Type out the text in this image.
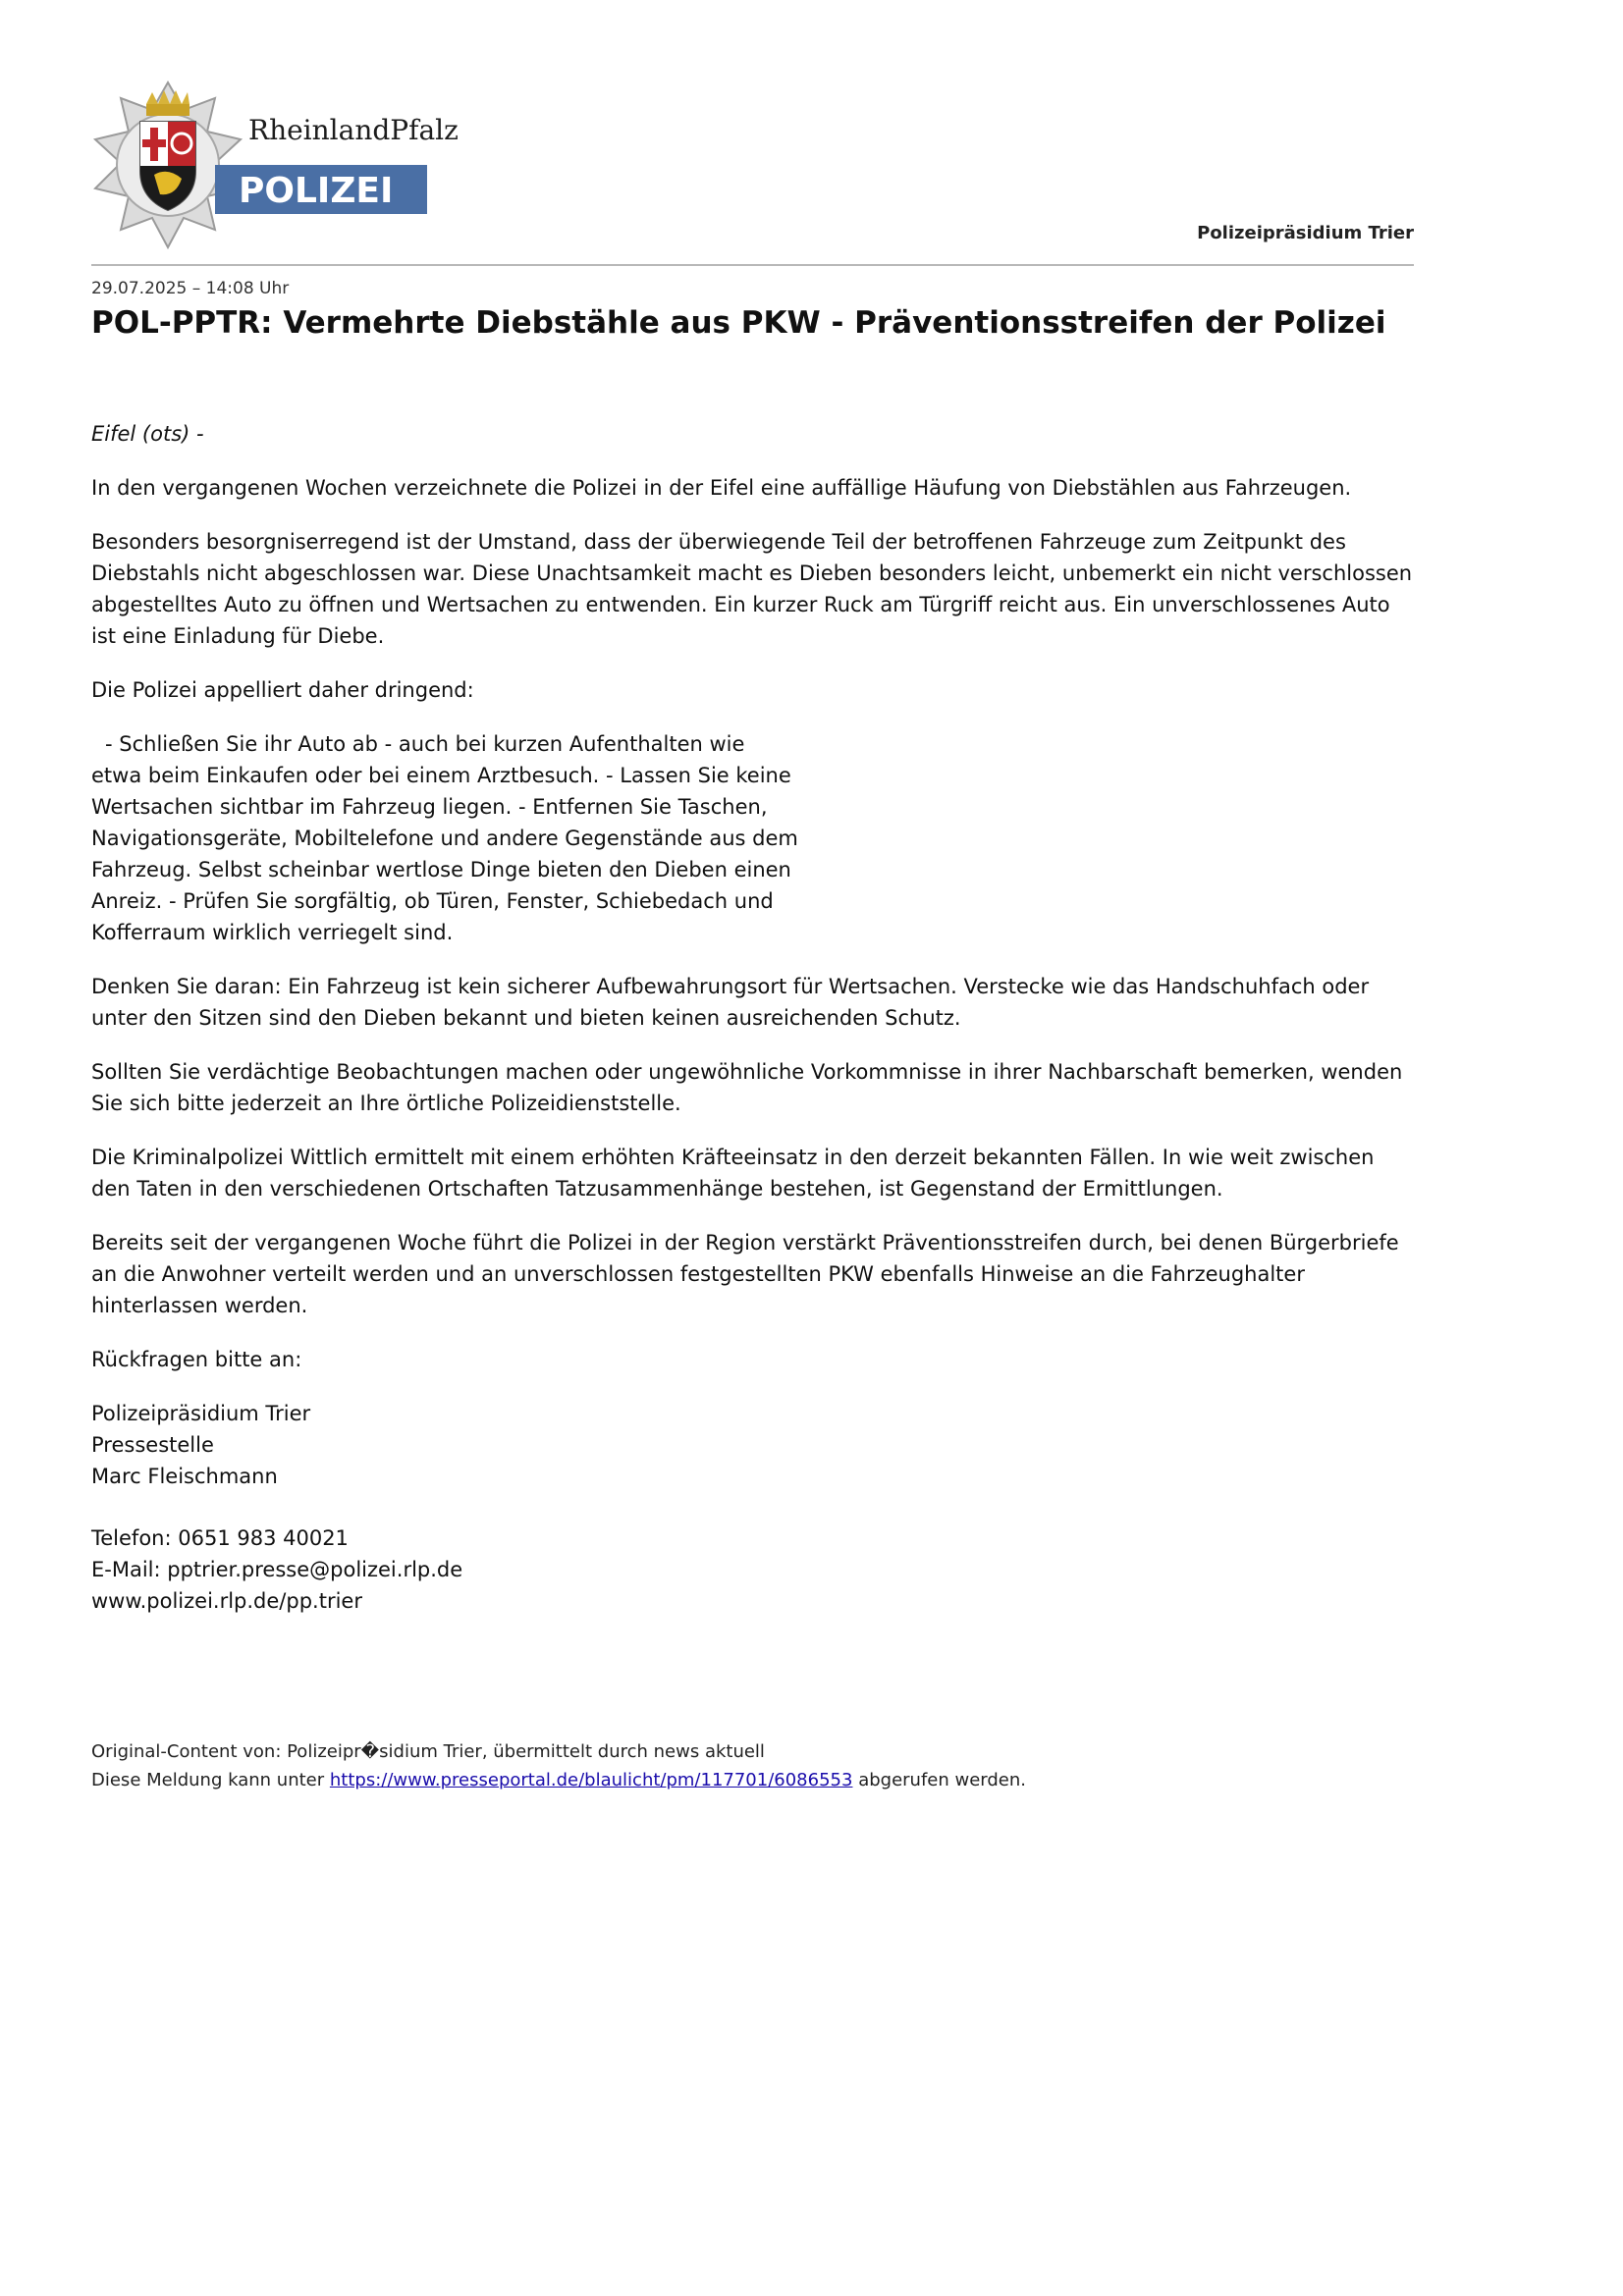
RheinlandPfalz
POLIZEI
Polizeipräsidium Trier
29.07.2025 – 14:08 Uhr
POL-PPTR: Vermehrte Diebstähle aus PKW - Präventionsstreifen der Polizei

Eifel (ots) -

In den vergangenen Wochen verzeichnete die Polizei in der Eifel eine auffällige Häufung von Diebstählen aus Fahrzeugen.

Besonders besorgniserregend ist der Umstand, dass der überwiegende Teil der betroffenen Fahrzeuge zum Zeitpunkt des Diebstahls nicht abgeschlossen war. Diese Unachtsamkeit macht es Dieben besonders leicht, unbemerkt ein nicht verschlossen abgestelltes Auto zu öffnen und Wertsachen zu entwenden. Ein kurzer Ruck am Türgriff reicht aus. Ein unverschlossenes Auto ist eine Einladung für Diebe.

Die Polizei appelliert daher dringend:

- Schließen Sie ihr Auto ab - auch bei kurzen Aufenthalten wie etwa beim Einkaufen oder bei einem Arztbesuch. - Lassen Sie keine Wertsachen sichtbar im Fahrzeug liegen. - Entfernen Sie Taschen, Navigationsgeräte, Mobiltelefone und andere Gegenstände aus dem Fahrzeug. Selbst scheinbar wertlose Dinge bieten den Dieben einen Anreiz. - Prüfen Sie sorgfältig, ob Türen, Fenster, Schiebedach und Kofferraum wirklich verriegelt sind.

Denken Sie daran: Ein Fahrzeug ist kein sicherer Aufbewahrungsort für Wertsachen. Verstecke wie das Handschuhfach oder unter den Sitzen sind den Dieben bekannt und bieten keinen ausreichenden Schutz.

Sollten Sie verdächtige Beobachtungen machen oder ungewöhnliche Vorkommnisse in ihrer Nachbarschaft bemerken, wenden Sie sich bitte jederzeit an Ihre örtliche Polizeidienststelle.

Die Kriminalpolizei Wittlich ermittelt mit einem erhöhten Kräfteeinsatz in den derzeit bekannten Fällen. In wie weit zwischen den Taten in den verschiedenen Ortschaften Tatzusammenhänge bestehen, ist Gegenstand der Ermittlungen.

Bereits seit der vergangenen Woche führt die Polizei in der Region verstärkt Präventionsstreifen durch, bei denen Bürgerbriefe an die Anwohner verteilt werden und an unverschlossen festgestellten PKW ebenfalls Hinweise an die Fahrzeughalter hinterlassen werden.

Rückfragen bitte an:

Polizeipräsidium Trier

Pressestelle

Marc Fleischmann

Telefon: 0651 983 40021

E-Mail: pptrier.presse@polizei.rlp.de

www.polizei.rlp.de/pp.trier

Original-Content von: Polizeipr�sidium Trier, übermittelt durch news aktuell
Diese Meldung kann unter https://www.presseportal.de/blaulicht/pm/117701/6086553 abgerufen werden.
